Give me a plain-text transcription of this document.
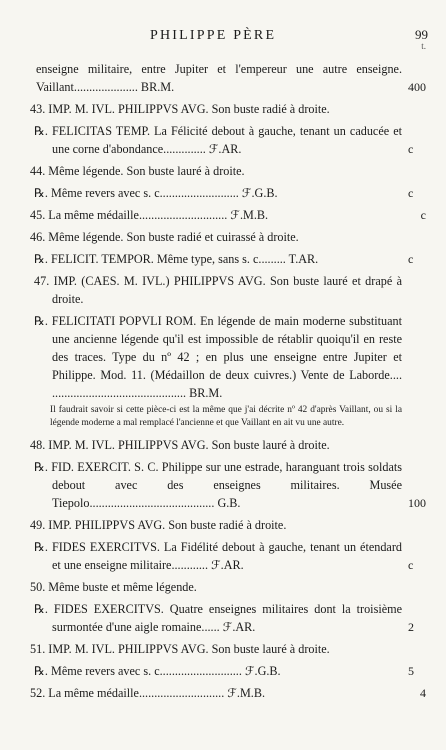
PHILIPPE PÈRE	99
t.
enseigne militaire, entre Jupiter et l'empereur une autre enseigne. Vaillant..................... BR.M.	400
43. IMP. M. IVL. PHILIPPVS AVG. Son buste radié à droite.
℞. FELICITAS TEMP. La Félicité debout à gauche, tenant un caducée et une corne d'abondance.............. ℱ.AR.	c
44. Même légende. Son buste lauré à droite.
℞. Même revers avec s. c.......................... ℱ.G.B.	c
45. La même médaille............................. ℱ.M.B.	c
46. Même légende. Son buste radié et cuirassé à droite.
℞. FELICIT. TEMPOR. Même type, sans s. c......... T.AR.	c
47. IMP. (CAES. M. IVL.) PHILIPPVS AVG. Son buste lauré et drapé à droite.
℞. FELICITATI POPVLI ROM. En légende de main moderne substituant une ancienne légende qu'il est impossible de rétablir quoiqu'il en reste des traces. Type du nº 42 ; en plus une enseigne entre Jupiter et Philippe. Mod. 11. (Médaillon de deux cuivres.) Vente de Laborde.... ............................................ BR.M.
Il faudrait savoir si cette pièce-ci est la même que j'ai décrite nº 42 d'après Vaillant, ou si la légende moderne a mal remplacé l'ancienne et que Vaillant en ait vu une autre.
48. IMP. M. IVL. PHILIPPVS AVG. Son buste lauré à droite.
℞. FID. EXERCIT. S. C. Philippe sur une estrade, haranguant trois soldats debout avec des enseignes militaires. Musée Tiepolo......................................... G.B.	100
49. IMP. PHILIPPVS AVG. Son buste radié à droite.
℞. FIDES EXERCITVS. La Fidélité debout à gauche, tenant un étendard et une enseigne militaire............ ℱ.AR.	c
50. Même buste et même légende.
℞. FIDES EXERCITVS. Quatre enseignes militaires dont la troisième surmontée d'une aigle romaine...... ℱ.AR.	2
51. IMP. M. IVL. PHILIPPVS AVG. Son buste lauré à droite.
℞. Même revers avec s. c........................... ℱ.G.B.	5
52. La même médaille............................ ℱ.M.B.	4
